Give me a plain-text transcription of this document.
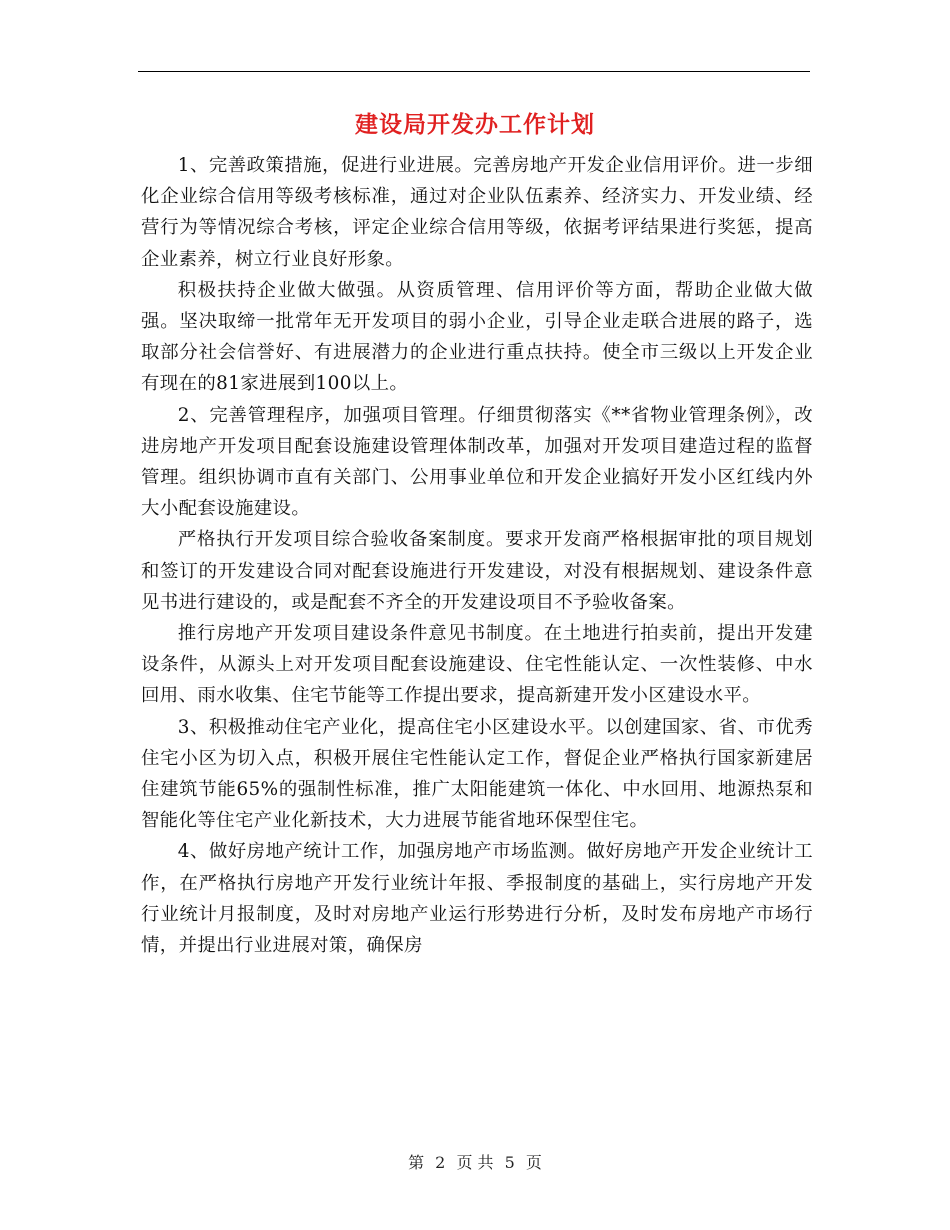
建设局开发办工作计划

1、完善政策措施，促进行业进展。完善房地产开发企业信用评价。进一步细化企业综合信用等级考核标准，通过对企业队伍素养、经济实力、开发业绩、经营行为等情况综合考核，评定企业综合信用等级，依据考评结果进行奖惩，提高企业素养，树立行业良好形象。

积极扶持企业做大做强。从资质管理、信用评价等方面，帮助企业做大做强。坚决取缔一批常年无开发项目的弱小企业，引导企业走联合进展的路子，选取部分社会信誉好、有进展潜力的企业进行重点扶持。使全市三级以上开发企业有现在的81家进展到100以上。

2、完善管理程序，加强项目管理。仔细贯彻落实《**省物业管理条例》，改进房地产开发项目配套设施建设管理体制改革，加强对开发项目建造过程的监督管理。组织协调市直有关部门、公用事业单位和开发企业搞好开发小区红线内外大小配套设施建设。

严格执行开发项目综合验收备案制度。要求开发商严格根据审批的项目规划和签订的开发建设合同对配套设施进行开发建设，对没有根据规划、建设条件意见书进行建设的，或是配套不齐全的开发建设项目不予验收备案。

推行房地产开发项目建设条件意见书制度。在土地进行拍卖前，提出开发建设条件，从源头上对开发项目配套设施建设、住宅性能认定、一次性装修、中水回用、雨水收集、住宅节能等工作提出要求，提高新建开发小区建设水平。

3、积极推动住宅产业化，提高住宅小区建设水平。以创建国家、省、市优秀住宅小区为切入点，积极开展住宅性能认定工作，督促企业严格执行国家新建居住建筑节能65%的强制性标准，推广太阳能建筑一体化、中水回用、地源热泵和智能化等住宅产业化新技术，大力进展节能省地环保型住宅。

4、做好房地产统计工作，加强房地产市场监测。做好房地产开发企业统计工作，在严格执行房地产开发行业统计年报、季报制度的基础上，实行房地产开发行业统计月报制度，及时对房地产业运行形势进行分析，及时发布房地产市场行情，并提出行业进展对策，确保房

第 2 页 共 5 页
